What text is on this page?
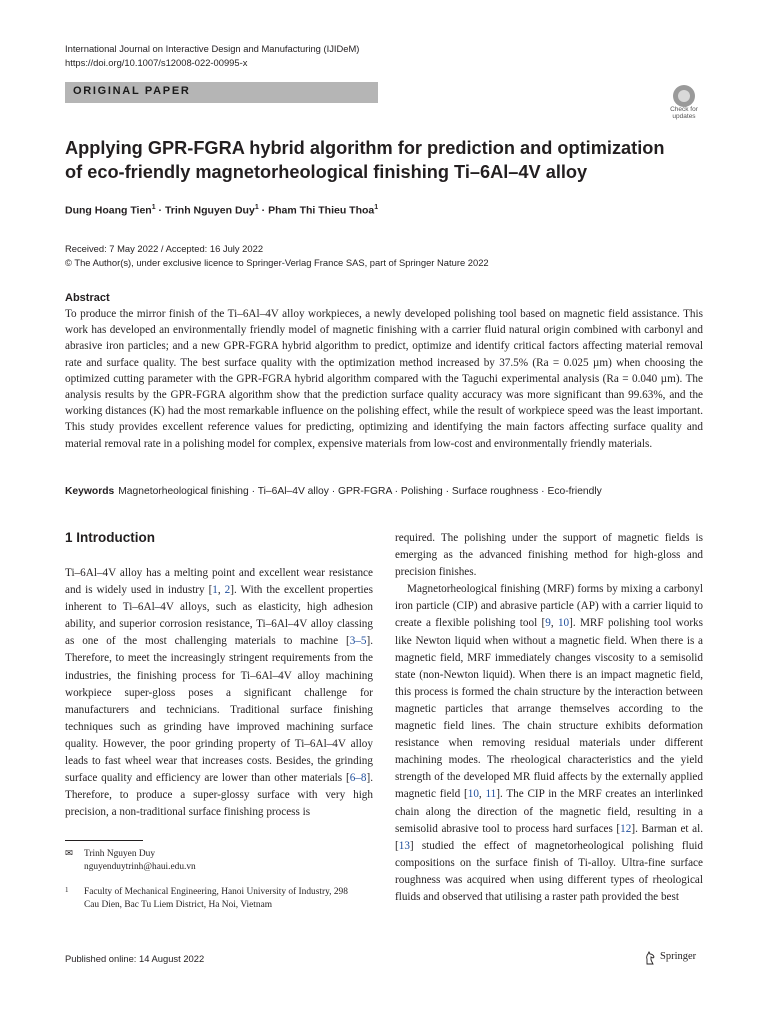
International Journal on Interactive Design and Manufacturing (IJIDeM)
https://doi.org/10.1007/s12008-022-00995-x
ORIGINAL PAPER
Check for
updates
Applying GPR-FGRA hybrid algorithm for prediction and optimization of eco-friendly magnetorheological finishing Ti–6Al–4V alloy
Dung Hoang Tien$^1$ · Trinh Nguyen Duy$^1$ · Pham Thi Thieu Thoa$^1$
Received: 7 May 2022 / Accepted: 16 July 2022
© The Author(s), under exclusive licence to Springer-Verlag France SAS, part of Springer Nature 2022
Abstract

To produce the mirror finish of the Ti–6Al–4V alloy workpieces, a newly developed polishing tool based on magnetic field assistance. This work has developed an environmentally friendly model of magnetic finishing with a carrier fluid natural origin combined with carbonyl and abrasive iron particles; and a new GPR-FGRA hybrid algorithm to predict, optimize and identify critical factors affecting material removal rate and surface quality. The best surface quality with the optimization method increased by 37.5% (Ra = 0.025 µm) when choosing the optimized cutting parameter with the GPR-FGRA hybrid algorithm compared with the Taguchi experimental analysis (Ra = 0.040 µm). The analysis results by the GPR-FGRA algorithm show that the prediction surface quality accuracy was more significant than 99.63%, and the working distances (K) had the most remarkable influence on the polishing effect, while the result of workpiece speed was the least important. This study provides excellent reference values for predicting, optimizing and identifying the main factors affecting surface quality and material removal rate in a polishing model for complex, expensive materials from low-cost and environmentally friendly materials.

Keywords Magnetorheological finishing · Ti–6Al–4V alloy · GPR-FGRA · Polishing · Surface roughness · Eco-friendly
1 Introduction

Ti–6Al–4V alloy has a melting point and excellent wear resistance and is widely used in industry [1, 2]. With the excellent properties inherent to Ti–6Al–4V alloys, such as elasticity, high adhesion ability, and superior corrosion resistance, Ti–6Al–4V alloy classing as one of the most challenging materials to machine [3–5]. Therefore, to meet the increasingly stringent requirements from the industries, the finishing process for Ti–6Al–4V alloy machining workpiece super-gloss poses a significant challenge for manufacturers and technicians. Traditional surface finishing techniques such as grinding have improved machining surface quality. However, the poor grinding property of Ti–6Al–4V alloy leads to fast wheel wear that increases costs. Besides, the grinding surface quality and efficiency are lower than other materials [6–8]. Therefore, to produce a super-glossy surface with very high precision, a non-traditional surface finishing process is

required. The polishing under the support of magnetic fields is emerging as the advanced finishing method for high-gloss and precision finishes.
Magnetorheological finishing (MRF) forms by mixing a carbonyl iron particle (CIP) and abrasive particle (AP) with a carrier liquid to create a flexible polishing tool [9, 10]. MRF polishing tool works like Newton liquid when without a magnetic field. When there is a magnetic field, MRF immediately changes viscosity to a semisolid state (non-Newton liquid). When there is an impact magnetic field, this process is formed the chain structure by the interaction between magnetic particles that arrange themselves according to the magnetic field lines. The chain structure exhibits deformation resistance when removing residual materials under different machining modes. The rheological characteristics and the yield strength of the developed MR fluid affects by the externally applied magnetic field [10, 11]. The CIP in the MRF creates an interlinked chain along the direction of the magnetic field, resulting in a semisolid abrasive tool to process hard surfaces [12]. Barman et al. [13] studied the effect of magnetorheological polishing fluid compositions on the surface finish of Ti-alloy. Ultra-fine surface roughness was acquired when using different types of rheological fluids and observed that utilising a raster path provided the best

✉ Trinh Nguyen Duy
nguyenduytrinh@haui.edu.vn
1	Faculty of Mechanical Engineering, Hanoi University of Industry, 298 Cau Dien, Bac Tu Liem District, Ha Noi, Vietnam
Published online: 14 August 2022	Springer
